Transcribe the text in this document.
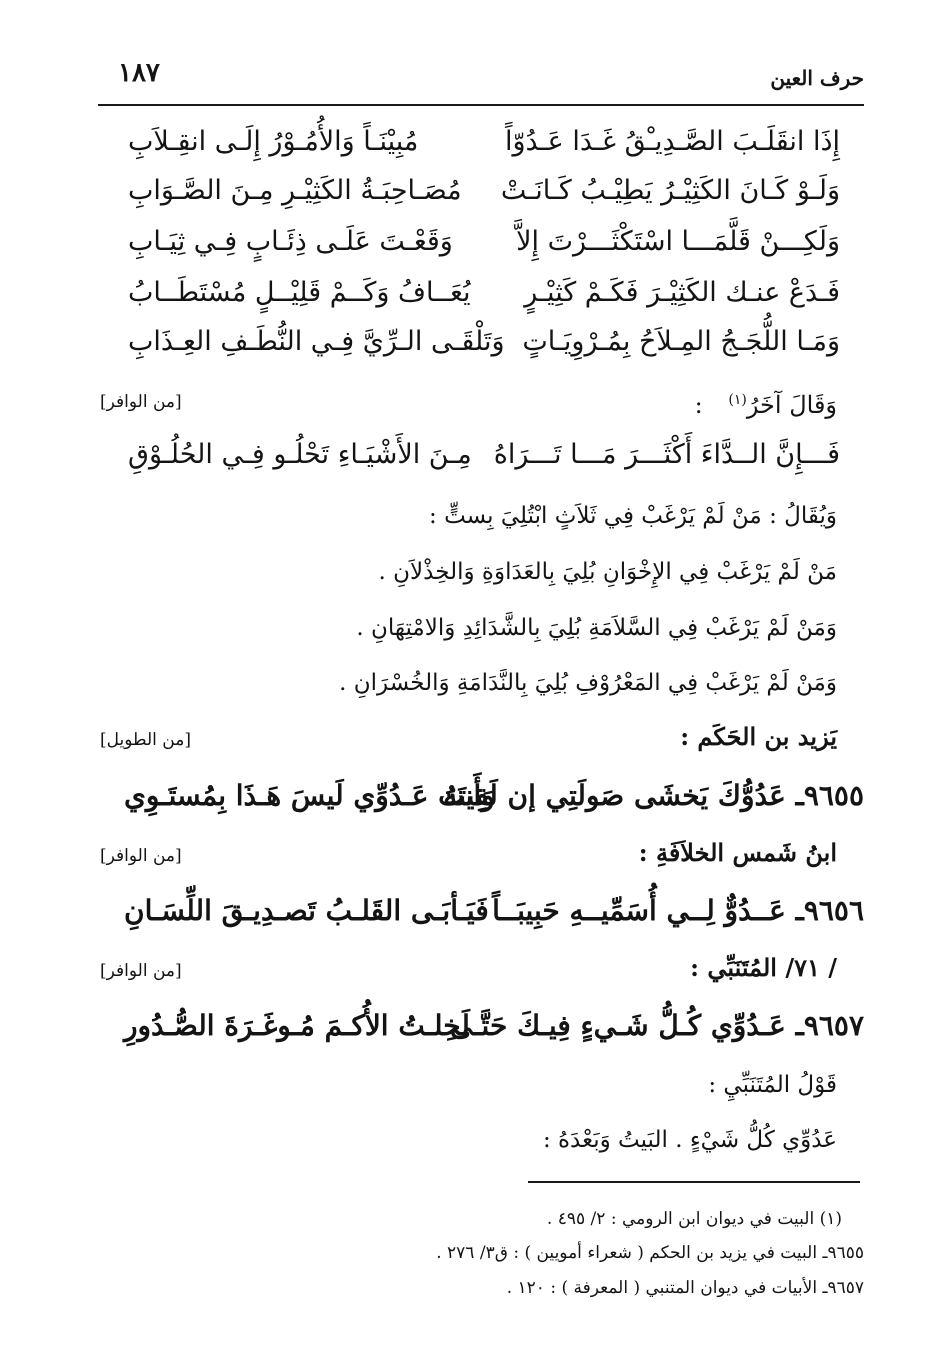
١٨٧	حرف العين
إِذَا انقَلَـبَ الصَّـدِيـْقُ غَـدَا عَـدُوّاً
مُبِيْنَـاً وَالأُمُـوْرُ إِلَـى انقِـلاَبِ
وَلَـوْ كَـانَ الكَثِيْـرُ يَطِيْـبُ كَـانَـتْ
مُصَـاحِبَـةُ الكَثِيْـرِ مِـنَ الصَّـوَابِ
وَلَكِـــنْ قَلَّمَـــا اسْتَكْثَـــرْتَ إِلاَّ
وَقَعْـتَ عَلَـى ذِئَـابٍ فِـي ثِيَـابِ
فَـدَعْ عنـك الكَثِيْـرَ فَكَـمْ كَثِيْـرٍ
يُعَــافُ وَكَــمْ قَلِيْــلٍ مُسْتَطَــابُ
وَمَـا اللُّجَـجُ المِـلاَحُ بِمُـرْوِيَـاتٍ
وَتَلْقَـى الـرِّيَّ فِـي النُّطَـفِ العِـذَابِ
وَقَالَ آخَرُ$^{(١)}$ :
[من الوافر]
فَـــإِنَّ الــدَّاءَ أَكْثَـــرَ مَـــا تَـــرَاهُ
مِـنَ الأَشْيَـاءِ تَحْلُـو فِـي الحُلُـوْقِ
وَيُقَالُ : مَنْ لَمْ يَرْغَبْ فِي ثَلاَثٍ ابْتُلِيَ بِستٍّ :
مَنْ لَمْ يَرْغَبْ فِي الإِخْوَانِ بُلِيَ بِالعَدَاوَةِ وَالخِذْلاَنِ .
وَمَنْ لَمْ يَرْغَبْ فِي السَّلاَمَةِ بُلِيَ بِالشَّدَائِدِ وَالامْتِهَانِ .
وَمَنْ لَمْ يَرْغَبْ فِي المَعْرُوْفِ بُلِيَ بِالنَّدَامَةِ وَالخُسْرَانِ .
يَزيد بن الحَكَم :
[من الطويل]
٩٦٥٥ـ عَدُوُّكَ يَخشَى صَولَتِي إن لَقِيتَهُ
وَأَنتَ عَـدُوِّي لَيسَ هَـذَا بِمُستَـوِي
ابنُ شَمس الخلاَفَةِ :
[من الوافر]
٩٦٥٦ـ عَــدُوٌّ لِــي أُسَمِّيــهِ حَبِيبَــاً
فَيَـأبَـى القَلـبُ تَصـدِيـقَ اللِّسَـانِ
/ ٧١/ المُتَنَبِّي :
[من الوافر]
٩٦٥٧ـ عَـدُوِّي كُـلُّ شَـيءٍ فِيـكَ حَتَّـى
لَخِلـتُ الأُكـمَ مُـوغَـرَةَ الصُّـدُورِ
قَوْلُ المُتَنَبِّيِ :
عَدُوِّي كُلُّ شَيْءٍ . البَيتُ وَبَعْدَهُ :
(١) البيت في ديوان ابن الرومي : ٢/ ٤٩٥ .
٩٦٥٥ـ البيت في يزيد بن الحكم ( شعراء أمويين ) : ق٣/ ٢٧٦ .
٩٦٥٧ـ الأبيات في ديوان المتنبي ( المعرفة ) : ١٢٠ .
